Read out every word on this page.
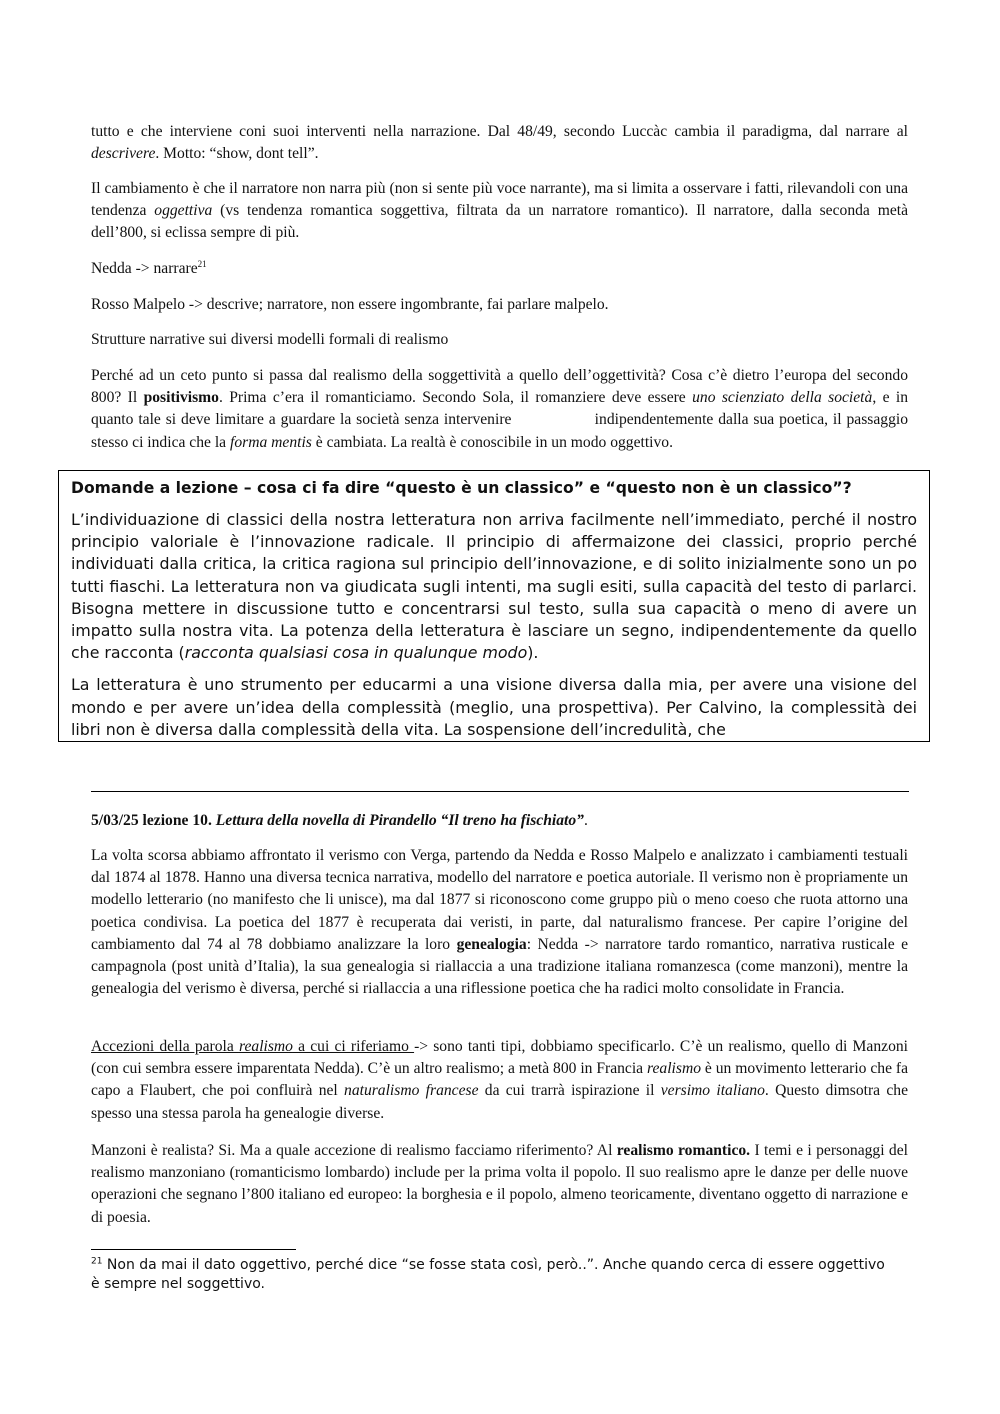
tutto e che interviene coni suoi interventi nella narrazione. Dal 48/49, secondo Luccàc cambia il paradigma, dal narrare al descrivere. Motto: “show, dont tell”.

Il cambiamento è che il narratore non narra più (non si sente più voce narrante), ma si limita a osservare i fatti, rilevandoli con una tendenza oggettiva (vs tendenza romantica soggettiva, filtrata da un narratore romantico). Il narratore, dalla seconda metà dell’800, si eclissa sempre di più.

Nedda -> narrare$^{21}$

Rosso Malpelo -> descrive; narratore, non essere ingombrante, fai parlare malpelo.

Strutture narrative sui diversi modelli formali di realismo

Perché ad un ceto punto si passa dal realismo della soggettività a quello dell’oggettività? Cosa c’è dietro l’europa del secondo 800? Il positivismo. Prima c’era il romanticiamo. Secondo Sola, il romanziere deve essere uno scienziato della società, e in quanto tale si deve limitare a guardare la società senza intervenire                 indipendentemente dalla sua poetica, il passaggio stesso ci indica che la forma mentis è cambiata. La realtà è conoscibile in un modo oggettivo.

Domande a lezione – cosa ci fa dire “questo è un classico” e “questo non è un classico”?

L’individuazione di classici della nostra letteratura non arriva facilmente nell’immediato, perché il nostro principio valoriale è l’innovazione radicale. Il principio di affermaizone dei classici, proprio perché individuati dalla critica, la critica ragiona sul principio dell’innovazione, e di solito inizialmente sono un po tutti fiaschi. La letteratura non va giudicata sugli intenti, ma sugli esiti, sulla capacità del testo di parlarci. Bisogna mettere in discussione tutto e concentrarsi sul testo, sulla sua capacità o meno di avere un impatto sulla nostra vita. La potenza della letteratura è lasciare un segno, indipendentemente da quello che racconta (racconta qualsiasi cosa in qualunque modo).

La letteratura è uno strumento per educarmi a una visione diversa dalla mia, per avere una visione del mondo e per avere un’idea della complessità (meglio, una prospettiva). Per Calvino, la complessità dei libri non è diversa dalla complessità della vita. La sospensione dell’incredulità, che

5/03/25 lezione 10. Lettura della novella di Pirandello “Il treno ha fischiato”.

La volta scorsa abbiamo affrontato il verismo con Verga, partendo da Nedda e Rosso Malpelo e analizzato i cambiamenti testuali dal 1874 al 1878. Hanno una diversa tecnica narrativa, modello del narratore e poetica autoriale. Il verismo non è propriamente un modello letterario (no manifesto che li unisce), ma dal 1877 si riconoscono come gruppo più o meno coeso che ruota attorno una poetica condivisa. La poetica del 1877 è recuperata dai veristi, in parte, dal naturalismo francese. Per capire l’origine del cambiamento dal 74 al 78 dobbiamo analizzare la loro genealogia: Nedda -> narratore tardo romantico, narrativa rusticale e campagnola (post unità d’Italia), la sua genealogia si riallaccia a una tradizione italiana romanzesca (come manzoni), mentre la genealogia del verismo è diversa, perché si riallaccia a una riflessione poetica che ha radici molto consolidate in Francia.

Accezioni della parola realismo a cui ci riferiamo -> sono tanti tipi, dobbiamo specificarlo. C’è un realismo, quello di Manzoni (con cui sembra essere imparentata Nedda). C’è un altro realismo; a metà 800 in Francia realismo è un movimento letterario che fa capo a Flaubert, che poi confluirà nel naturalismo francese da cui trarrà ispirazione il versimo italiano. Questo dimsotra che spesso una stessa parola ha genealogie diverse.

Manzoni è realista? Si. Ma a quale accezione di realismo facciamo riferimento? Al realismo romantico. I temi e i personaggi del realismo manzoniano (romanticismo lombardo) include per la prima volta il popolo. Il suo realismo apre le danze per delle nuove operazioni che segnano l’800 italiano ed europeo: la borghesia e il popolo, almeno teoricamente, diventano oggetto di narrazione e di poesia.

$^{21}$ Non da mai il dato oggettivo, perché dice “se fosse stata così, però..”. Anche quando cerca di essere oggettivo è sempre nel soggettivo.
